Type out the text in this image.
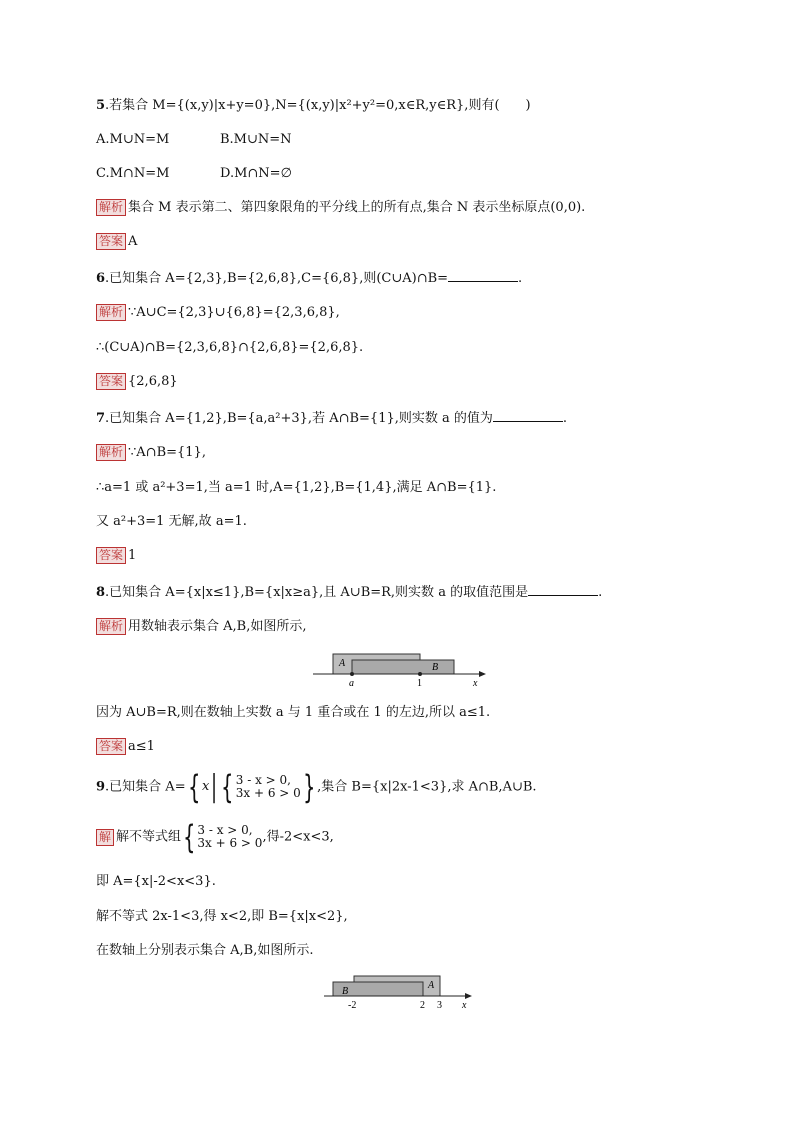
5.若集合 M={(x,y)|x+y=0},N={(x,y)|x²+y²=0,x∈R,y∈R},则有(　　)
A.M∪N=M	B.M∪N=N
C.M∩N=M	D.M∩N=∅
解析 集合 M 表示第二、第四象限角的平分线上的所有点,集合 N 表示坐标原点(0,0).
答案 A
6.已知集合 A={2,3},B={2,6,8},C={6,8},则(C∪A)∩B=	.
解析 ∵A∪C={2,3}∪{6,8}={2,3,6,8},
∴(C∪A)∩B={2,3,6,8}∩{2,6,8}={2,6,8}.
答案 {2,6,8}
7.已知集合 A={1,2},B={a,a²+3},若 A∩B={1},则实数 a 的值为	.
解析 ∵A∩B={1},
∴a=1 或 a²+3=1,当 a=1 时,A={1,2},B={1,4},满足 A∩B={1}.
又 a²+3=1 无解,故 a=1.
答案 1
8.已知集合 A={x|x≤1},B={x|x≥a},且 A∪B=R,则实数 a 的取值范围是	.
解析 用数轴表示集合 A,B,如图所示,
A	B
a	1	x
因为 A∪B=R,则在数轴上实数 a 与 1 重合或在 1 的左边,所以 a≤1.
答案 a≤1
9.已知集合 A= { x | { 3 - x > 0,
3x + 6 > 0 } ,集合 B={x|2x-1<3},求 A∩B,A∪B.
解 解不等式组 { 3 - x > 0,
3x + 6 > 0 ,得-2<x<3,
即 A={x|-2<x<3}.
解不等式 2x-1<3,得 x<2,即 B={x|x<2},
在数轴上分别表示集合 A,B,如图所示.
B
A
-2	2 3 x
